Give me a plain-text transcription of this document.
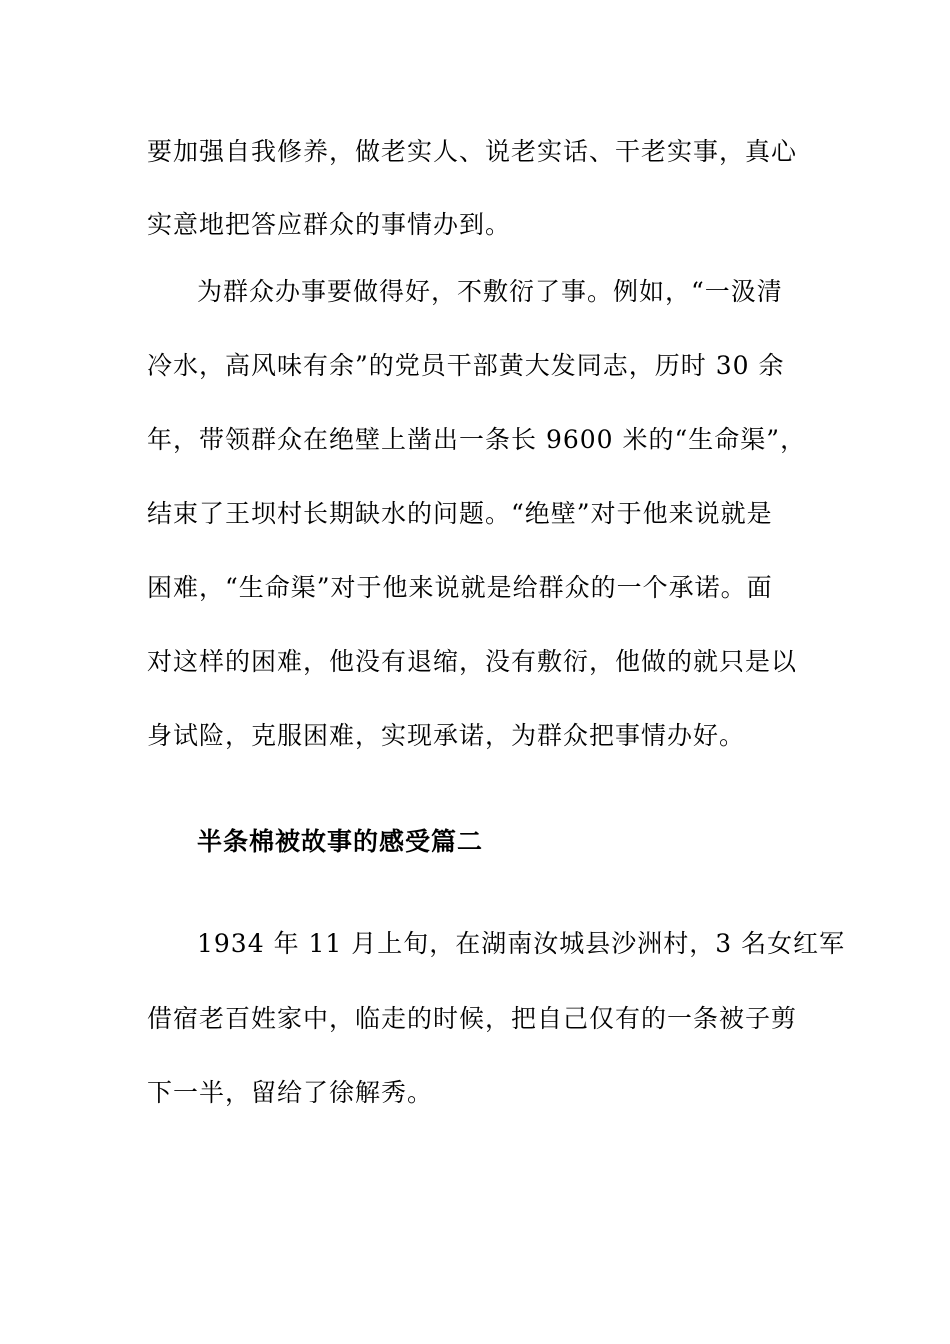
要加强自我修养，做老实人、说老实话、干老实事，真心
实意地把答应群众的事情办到。
为群众办事要做得好，不敷衍了事。例如，“一汲清
冷水，高风味有余”的党员干部黄大发同志，历时 30 余
年，带领群众在绝壁上凿出一条长 9600 米的“生命渠”，
结束了王坝村长期缺水的问题。“绝壁”对于他来说就是
困难，“生命渠”对于他来说就是给群众的一个承诺。面
对这样的困难，他没有退缩，没有敷衍，他做的就只是以
身试险，克服困难，实现承诺，为群众把事情办好。
半条棉被故事的感受篇二
1934 年 11 月上旬，在湖南汝城县沙洲村，3 名女红军
借宿老百姓家中，临走的时候，把自己仅有的一条被子剪
下一半，留给了徐解秀。
